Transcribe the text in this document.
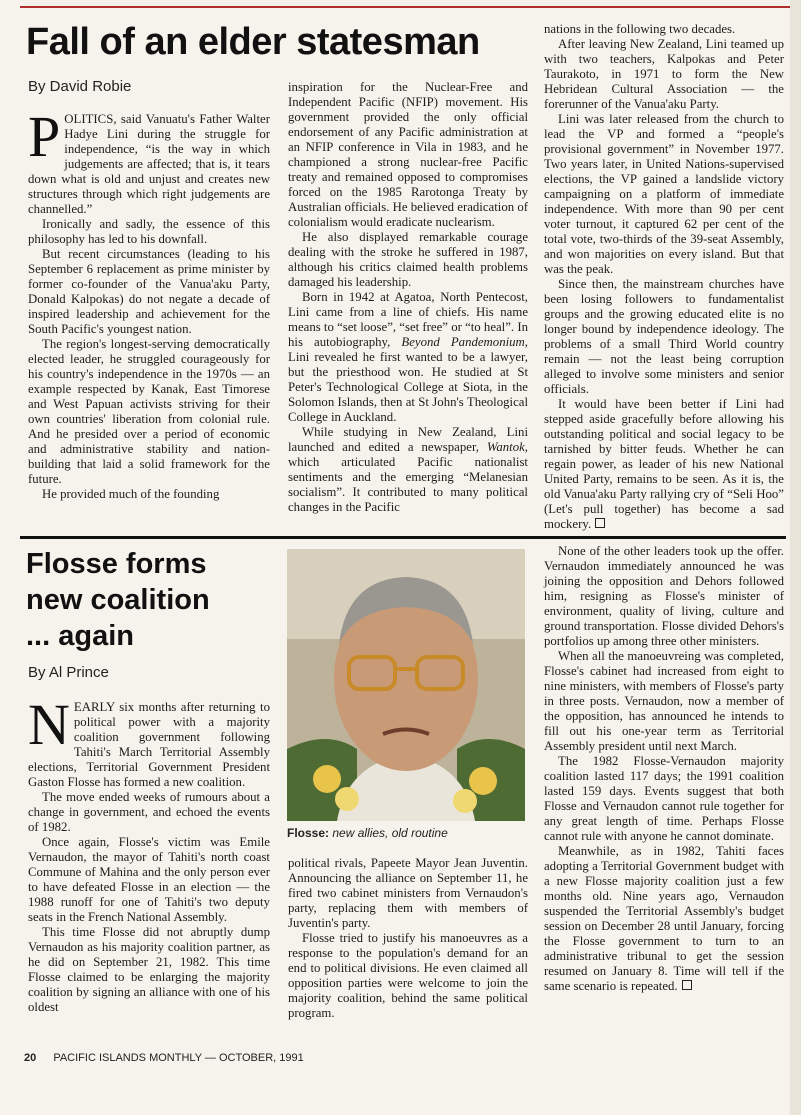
Fall of an elder statesman
By David Robie

POLITICS, said Vanuatu's Father Walter Hadye Lini during the struggle for independence, “is the way in which judgements are affected; that is, it tears down what is old and unjust and creates new structures through which right judgements are channelled.”

Ironically and sadly, the essence of this philosophy has led to his downfall.

But recent circumstances (leading to his September 6 replacement as prime minister by former co-founder of the Vanua'aku Party, Donald Kalpokas) do not negate a decade of inspired leadership and achievement for the South Pacific's youngest nation.

The region's longest-serving democratically elected leader, he struggled courageously for his country's independence in the 1970s — an example respected by Kanak, East Timorese and West Papuan activists striving for their own countries' liberation from colonial rule. And he presided over a period of economic and administrative stability and nation-building that laid a solid framework for the future.

He provided much of the founding

inspiration for the Nuclear-Free and Independent Pacific (NFIP) movement. His government provided the only official endorsement of any Pacific administration at an NFIP conference in Vila in 1983, and he championed a strong nuclear-free Pacific treaty and remained opposed to compromises forced on the 1985 Rarotonga Treaty by Australian officials. He believed eradication of colonialism would eradicate nuclearism.

He also displayed remarkable courage dealing with the stroke he suffered in 1987, although his critics claimed health problems damaged his leadership.

Born in 1942 at Agatoa, North Pentecost, Lini came from a line of chiefs. His name means to “set loose”, “set free” or “to heal”. In his autobiography, Beyond Pandemonium, Lini revealed he first wanted to be a lawyer, but the priesthood won. He studied at St Peter's Technological College at Siota, in the Solomon Islands, then at St John's Theological College in Auckland.

While studying in New Zealand, Lini launched and edited a newspaper, Wantok, which articulated Pacific nationalist sentiments and the emerging “Melanesian socialism”. It contributed to many political changes in the Pacific

nations in the following two decades.

After leaving New Zealand, Lini teamed up with two teachers, Kalpokas and Peter Taurakoto, in 1971 to form the New Hebridean Cultural Association — the forerunner of the Vanua'aku Party.

Lini was later released from the church to lead the VP and formed a “people's provisional government” in November 1977. Two years later, in United Nations-supervised elections, the VP gained a landslide victory campaigning on a platform of immediate independence. With more than 90 per cent voter turnout, it captured 62 per cent of the total vote, two-thirds of the 39-seat Assembly, and won majorities on every island. But that was the peak.

Since then, the mainstream churches have been losing followers to fundamentalist groups and the growing educated elite is no longer bound by independence ideology. The problems of a small Third World country remain — not the least being corruption alleged to involve some ministers and senior officials.

It would have been better if Lini had stepped aside gracefully before allowing his outstanding political and social legacy to be tarnished by bitter feuds. Whether he can regain power, as leader of his new National United Party, remains to be seen. As it is, the old Vanua'aku Party rallying cry of “Seli Hoo” (Let's pull together) has become a sad mockery.

Flosse forms
new coalition
... again
By Al Prince

NEARLY six months after returning to political power with a majority coalition government following Tahiti's March Territorial Assembly elections, Territorial Government President Gaston Flosse has formed a new coalition.

The move ended weeks of rumours about a change in government, and echoed the events of 1982.

Once again, Flosse's victim was Emile Vernaudon, the mayor of Tahiti's north coast Commune of Mahina and the only person ever to have defeated Flosse in an election — the 1988 runoff for one of Tahiti's two deputy seats in the French National Assembly.

This time Flosse did not abruptly dump Vernaudon as his majority coalition partner, as he did on September 21, 1982. This time Flosse claimed to be enlarging the majority coalition by signing an alliance with one of his oldest

Flosse: new allies, old routine

political rivals, Papeete Mayor Jean Juventin. Announcing the alliance on September 11, he fired two cabinet ministers from Vernaudon's party, replacing them with members of Juventin's party.

Flosse tried to justify his manoeuvres as a response to the population's demand for an end to political divisions. He even claimed all opposition parties were welcome to join the majority coalition, behind the same political program.

None of the other leaders took up the offer. Vernaudon immediately announced he was joining the opposition and Dehors followed him, resigning as Flosse's minister of environment, quality of living, culture and ground transportation. Flosse divided Dehors's portfolios up among three other ministers.

When all the manoeuvreing was completed, Flosse's cabinet had increased from eight to nine ministers, with members of Flosse's party in three posts. Vernaudon, now a member of the opposition, has announced he intends to fill out his one-year term as Territorial Assembly president until next March.

The 1982 Flosse-Vernaudon majority coalition lasted 117 days; the 1991 coalition lasted 159 days. Events suggest that both Flosse and Vernaudon cannot rule together for any great length of time. Perhaps Flosse cannot rule with anyone he cannot dominate.

Meanwhile, as in 1982, Tahiti faces adopting a Territorial Government budget with a new Flosse majority coalition just a few months old. Nine years ago, Vernaudon suspended the Territorial Assembly's budget session on December 28 until January, forcing the Flosse government to turn to an administrative tribunal to get the session resumed on January 8. Time will tell if the same scenario is repeated.

20 PACIFIC ISLANDS MONTHLY — OCTOBER, 1991
